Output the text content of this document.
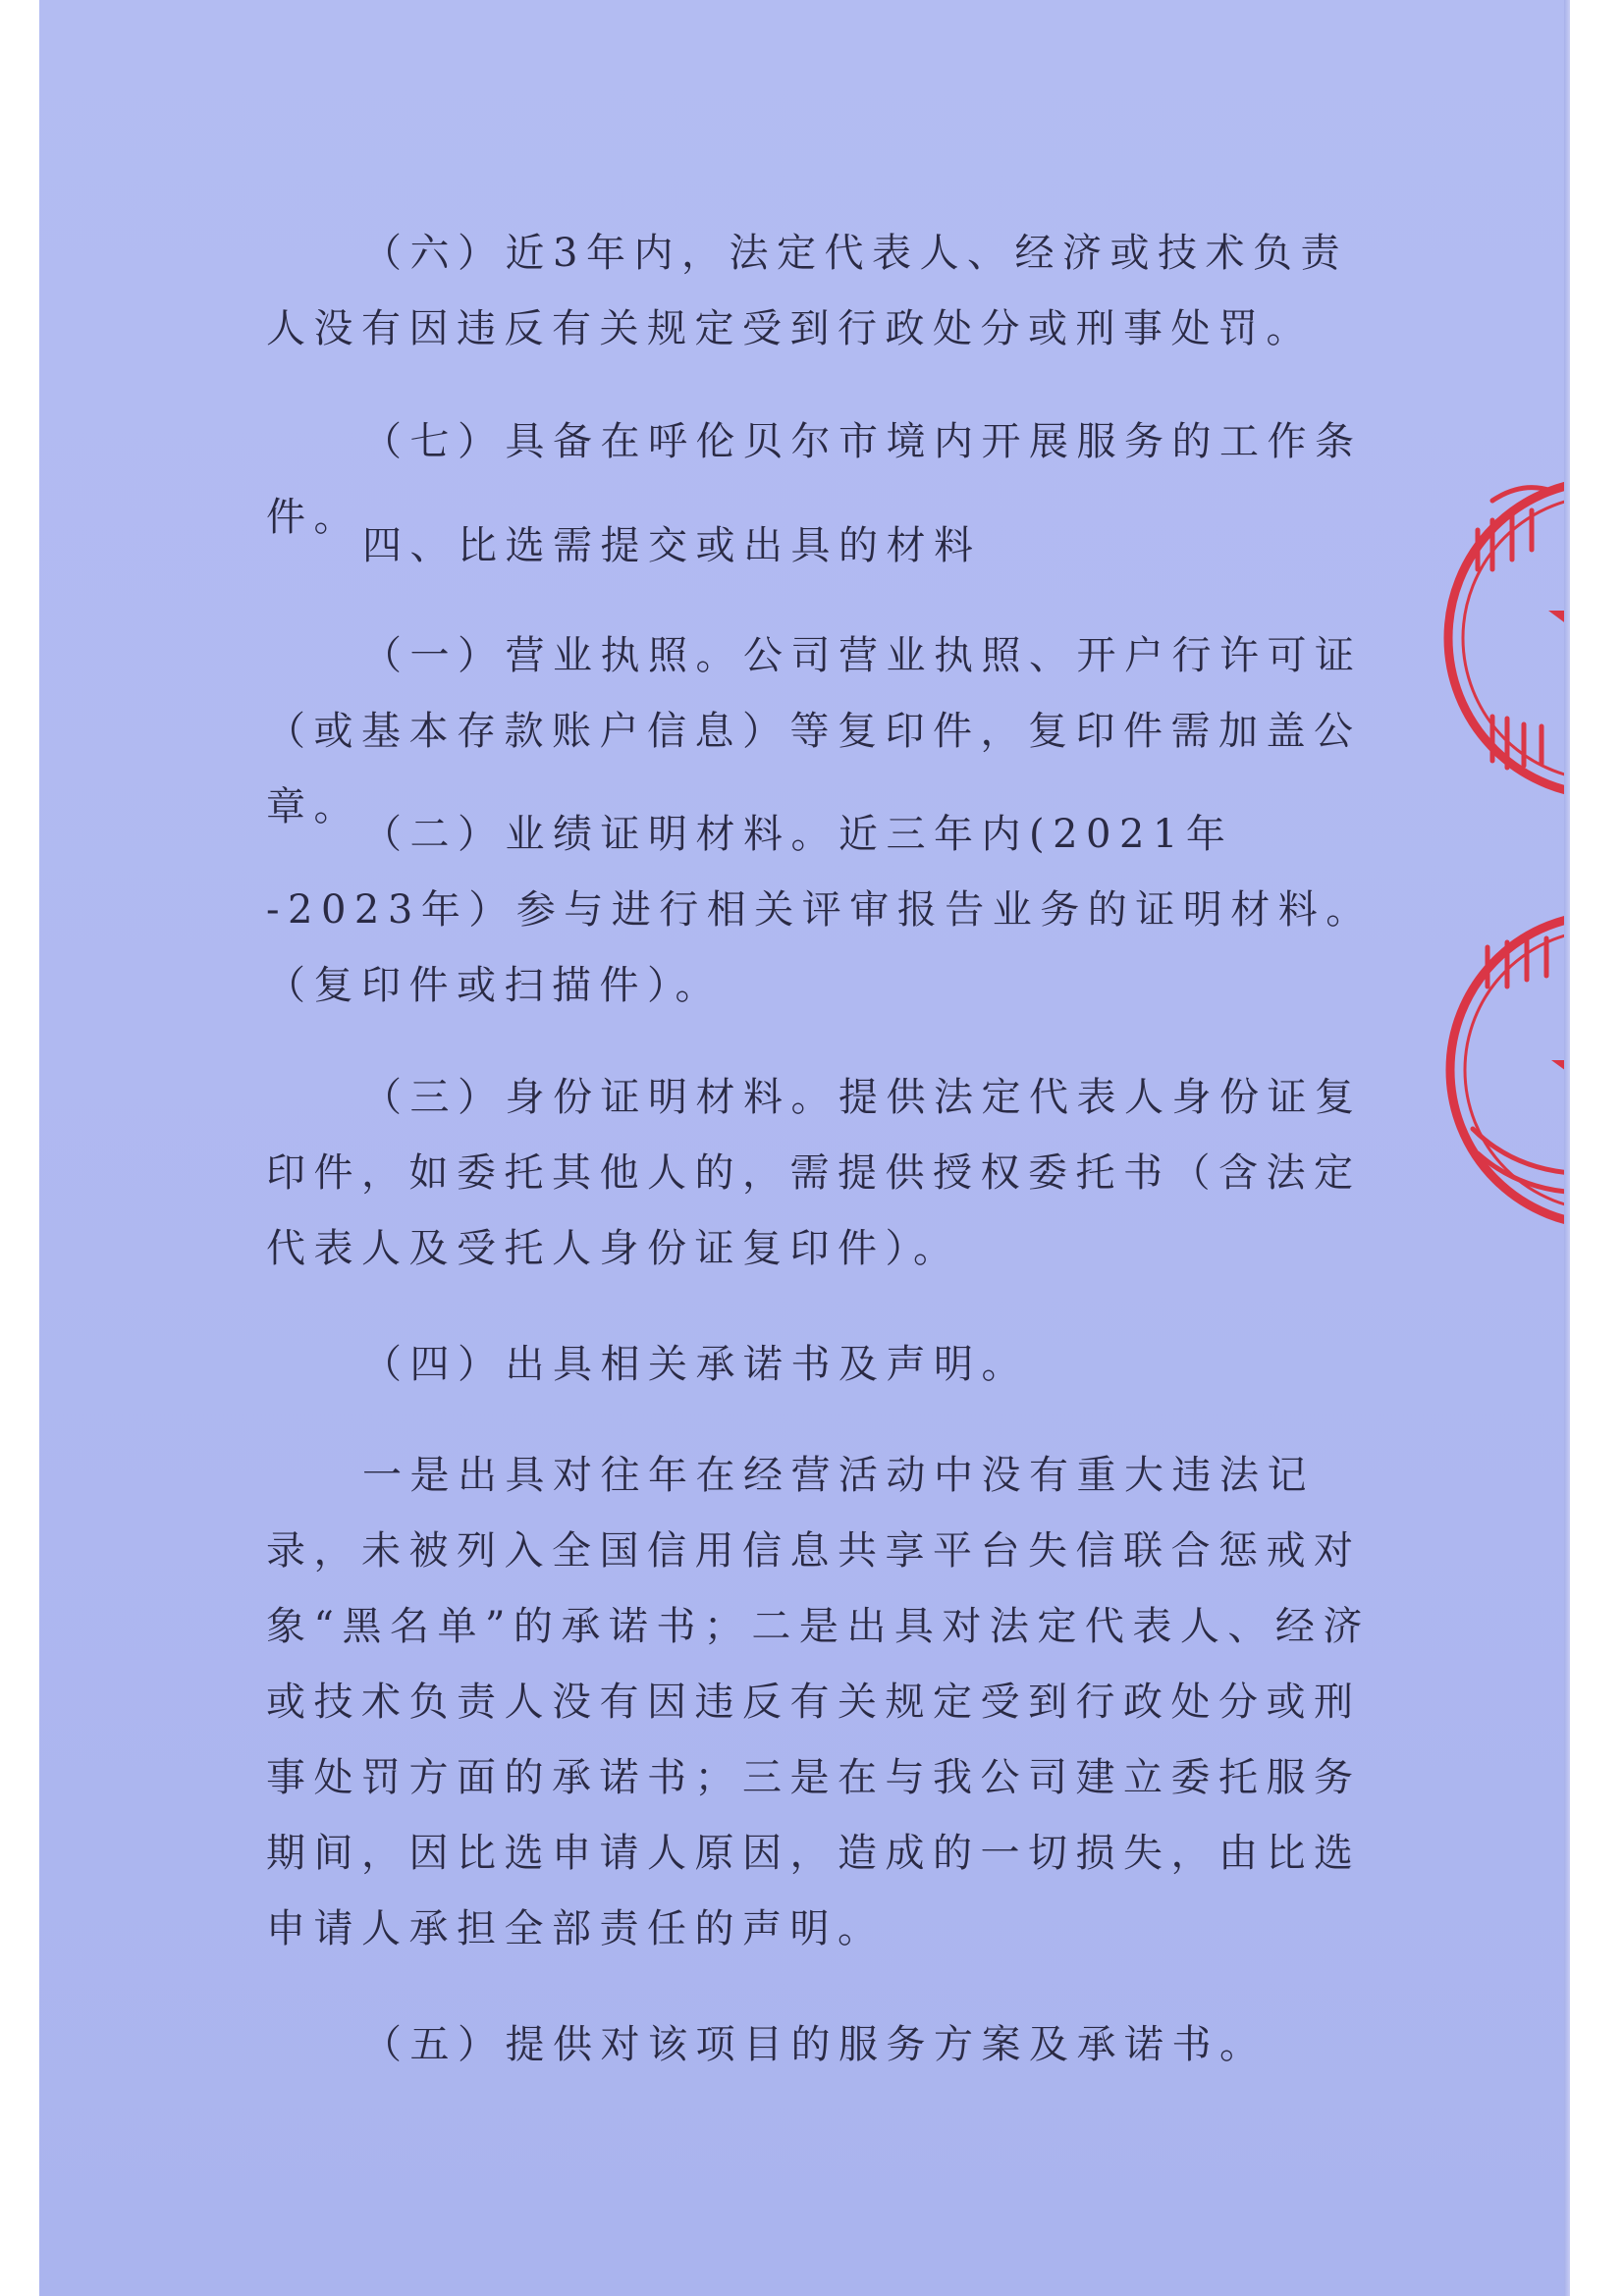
（六）近3年内，法定代表人、经济或技术负责人没有因违反有关规定受到行政处分或刑事处罚。

（七）具备在呼伦贝尔市境内开展服务的工作条件。

四、比选需提交或出具的材料

（一）营业执照。公司营业执照、开户行许可证（或基本存款账户信息）等复印件，复印件需加盖公章。

（二）业绩证明材料。近三年内(2021年 -2023年）参与进行相关评审报告业务的证明材料。（复印件或扫描件）。

（三）身份证明材料。提供法定代表人身份证复印件，如委托其他人的，需提供授权委托书（含法定代表人及受托人身份证复印件）。

（四）出具相关承诺书及声明。

一是出具对往年在经营活动中没有重大违法记录，未被列入全国信用信息共享平台失信联合惩戒对象“黑名单”的承诺书；二是出具对法定代表人、经济或技术负责人没有因违反有关规定受到行政处分或刑事处罚方面的承诺书；三是在与我公司建立委托服务期间，因比选申请人原因，造成的一切损失，由比选申请人承担全部责任的声明。

（五）提供对该项目的服务方案及承诺书。
